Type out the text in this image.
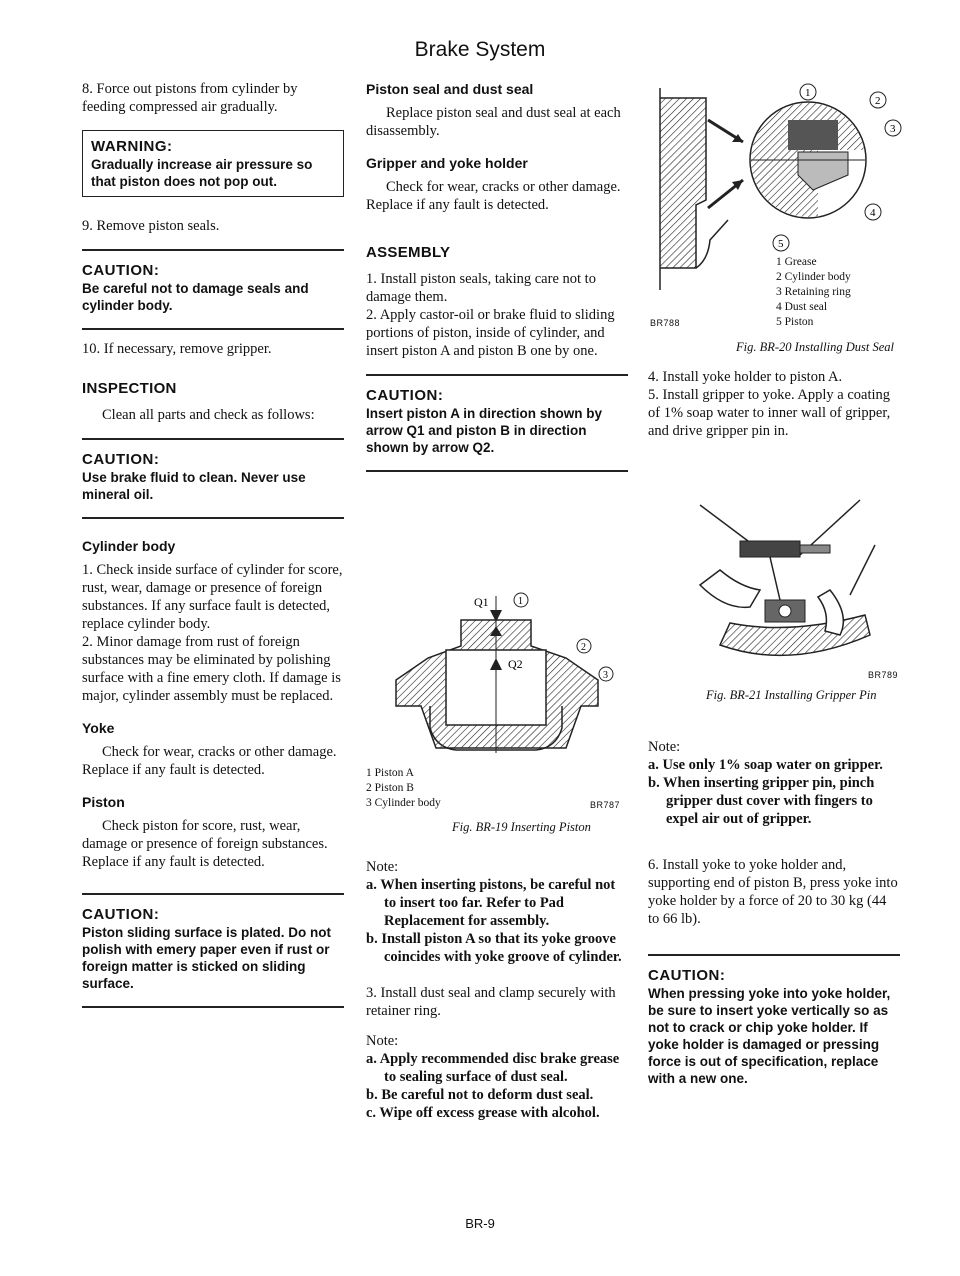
Brake System

8. Force out pistons from cylinder by feeding compressed air gradually.

WARNING:
Gradually increase air pressure so that piston does not pop out.

9. Remove piston seals.

CAUTION:
Be careful not to damage seals and cylinder body.

10. If necessary, remove gripper.

INSPECTION

Clean all parts and check as follows:

CAUTION:
Use brake fluid to clean. Never use mineral oil.
Cylinder body

1. Check inside surface of cylinder for score, rust, wear, damage or presence of foreign substances. If any surface fault is detected, replace cylinder body.

2. Minor damage from rust of foreign substances may be eliminated by polishing surface with a fine emery cloth. If damage is major, cylinder assembly must be replaced.

Yoke

Check for wear, cracks or other damage. Replace if any fault is detected.

Piston

Check piston for score, rust, wear, damage or presence of foreign substances. Replace if any fault is detected.

CAUTION:
Piston sliding surface is plated. Do not polish with emery paper even if rust or foreign matter is sticked on sliding surface.
Piston seal and dust seal

Replace piston seal and dust seal at each disassembly.

Gripper and yoke holder

Check for wear, cracks or other damage. Replace if any fault is detected.

ASSEMBLY

1. Install piston seals, taking care not to damage them.

2. Apply castor-oil or brake fluid to sliding portions of piston, inside of cylinder, and insert piston A and piston B one by one.

CAUTION:
Insert piston A in direction shown by arrow Q1 and piston B in direction shown by arrow Q2.
Q1
Q2
1
2
3
1 Piston A
2 Piston B
3 Cylinder body	BR787
Fig. BR-19 Inserting Piston

Note:

a. When inserting pistons, be careful not to insert too far. Refer to Pad Replacement for assembly.

b. Install piston A so that its yoke groove coincides with yoke groove of cylinder.

3. Install dust seal and clamp securely with retainer ring.

Note:

a. Apply recommended disc brake grease to sealing surface of dust seal.

b. Be careful not to deform dust seal.

c. Wipe off excess grease with alcohol.

1
2
3
4
5
1 Grease
2 Cylinder body
3 Retaining ring
4 Dust seal
5 Piston
BR788
Fig. BR-20 Installing Dust Seal

4. Install yoke holder to piston A.

5. Install gripper to yoke. Apply a coating of 1% soap water to inner wall of gripper, and drive gripper pin in.

BR789
Fig. BR-21 Installing Gripper Pin

Note:

a. Use only 1% soap water on gripper.

b. When inserting gripper pin, pinch gripper dust cover with fingers to expel air out of gripper.

6. Install yoke to yoke holder and, supporting end of piston B, press yoke into yoke holder by a force of 20 to 30 kg (44 to 66 lb).

CAUTION:
When pressing yoke into yoke holder, be sure to insert yoke vertically so as not to crack or chip yoke holder. If yoke holder is damaged or pressing force is out of specification, replace with a new one.
BR-9
